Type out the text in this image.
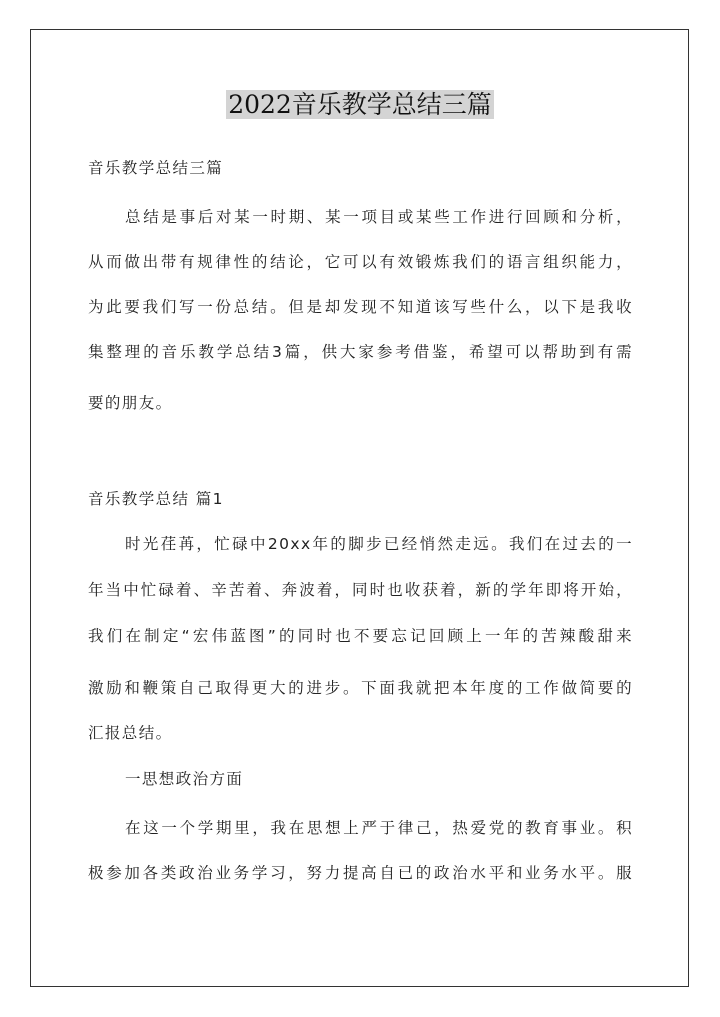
2022音乐教学总结三篇
音乐教学总结三篇
总结是事后对某一时期、某一项目或某些工作进行回顾和分析，
从而做出带有规律性的结论，它可以有效锻炼我们的语言组织能力，
为此要我们写一份总结。但是却发现不知道该写些什么，以下是我收
集整理的音乐教学总结3篇，供大家参考借鉴，希望可以帮助到有需
要的朋友。
音乐教学总结 篇1
时光荏苒，忙碌中20xx年的脚步已经悄然走远。我们在过去的一
年当中忙碌着、辛苦着、奔波着，同时也收获着，新的学年即将开始，
我们在制定“宏伟蓝图”的同时也不要忘记回顾上一年的苦辣酸甜来
激励和鞭策自己取得更大的进步。下面我就把本年度的工作做简要的
汇报总结。
一思想政治方面
在这一个学期里，我在思想上严于律己，热爱党的教育事业。积
极参加各类政治业务学习，努力提高自已的政治水平和业务水平。服
